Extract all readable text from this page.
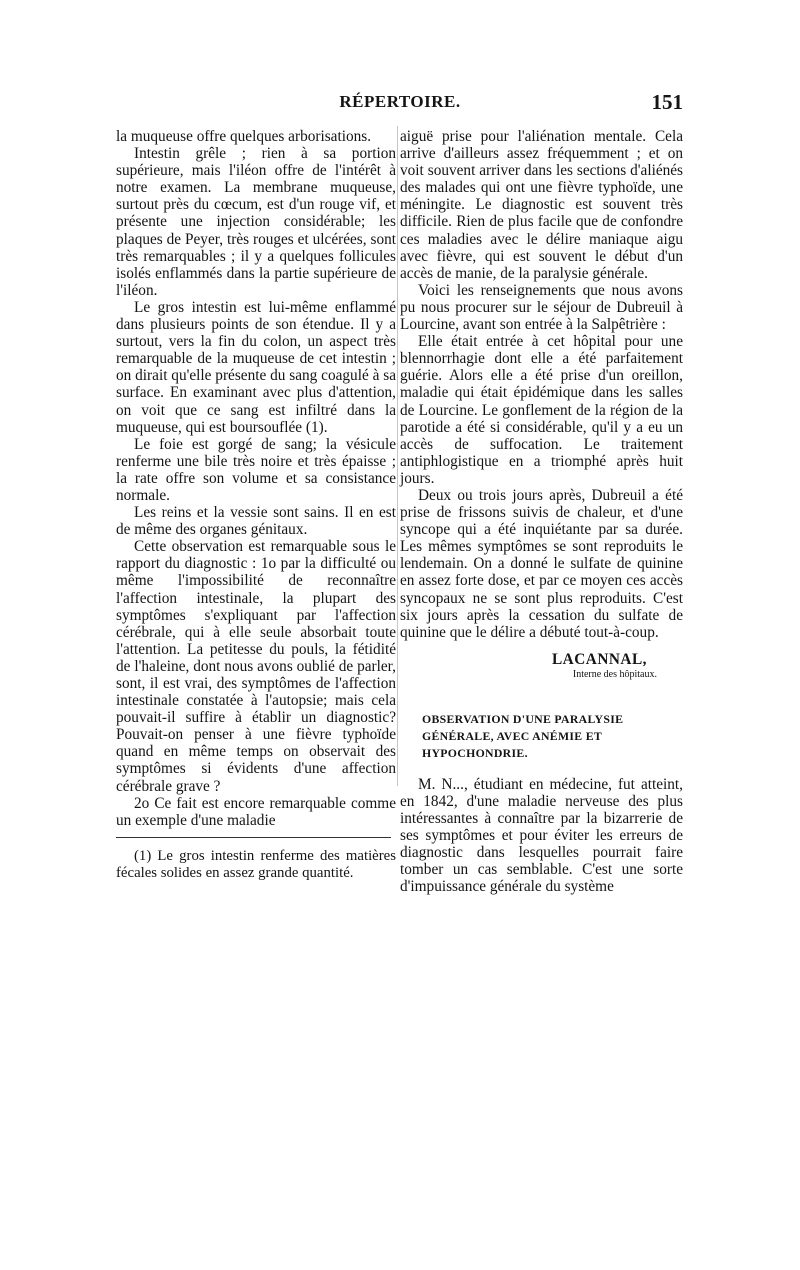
RÉPERTOIRE.	151

la muqueuse offre quelques arborisations.

Intestin grêle ; rien à sa portion supérieure, mais l'iléon offre de l'intérêt à notre examen. La membrane muqueuse, surtout près du cœcum, est d'un rouge vif, et présente une injection considérable; les plaques de Peyer, très rouges et ulcérées, sont très remarquables ; il y a quelques follicules isolés enflammés dans la partie supérieure de l'iléon.

Le gros intestin est lui-même enflammé dans plusieurs points de son étendue. Il y a surtout, vers la fin du colon, un aspect très remarquable de la muqueuse de cet intestin ; on dirait qu'elle présente du sang coagulé à sa surface. En examinant avec plus d'attention, on voit que ce sang est infiltré dans la muqueuse, qui est boursouflée (1).

Le foie est gorgé de sang; la vésicule renferme une bile très noire et très épaisse ; la rate offre son volume et sa consistance normale.

Les reins et la vessie sont sains. Il en est de même des organes génitaux.

Cette observation est remarquable sous le rapport du diagnostic : 1o par la difficulté ou même l'impossibilité de reconnaître l'affection intestinale, la plupart des symptômes s'expliquant par l'affection cérébrale, qui à elle seule absorbait toute l'attention. La petitesse du pouls, la fétidité de l'haleine, dont nous avons oublié de parler, sont, il est vrai, des symptômes de l'affection intestinale constatée à l'autopsie; mais cela pouvait-il suffire à établir un diagnostic? Pouvait-on penser à une fièvre typhoïde quand en même temps on observait des symptômes si évidents d'une affection cérébrale grave ?

2o Ce fait est encore remarquable comme un exemple d'une maladie

(1) Le gros intestin renferme des matières fécales solides en assez grande quantité.

aiguë prise pour l'aliénation mentale. Cela arrive d'ailleurs assez fréquemment ; et on voit souvent arriver dans les sections d'aliénés des malades qui ont une fièvre typhoïde, une méningite. Le diagnostic est souvent très difficile. Rien de plus facile que de confondre ces maladies avec le délire maniaque aigu avec fièvre, qui est souvent le début d'un accès de manie, de la paralysie générale.

Voici les renseignements que nous avons pu nous procurer sur le séjour de Dubreuil à Lourcine, avant son entrée à la Salpêtrière :

Elle était entrée à cet hôpital pour une blennorrhagie dont elle a été parfaitement guérie. Alors elle a été prise d'un oreillon, maladie qui était épidémique dans les salles de Lourcine. Le gonflement de la région de la parotide a été si considérable, qu'il y a eu un accès de suffocation. Le traitement antiphlogistique en a triomphé après huit jours.

Deux ou trois jours après, Dubreuil a été prise de frissons suivis de chaleur, et d'une syncope qui a été inquiétante par sa durée. Les mêmes symptômes se sont reproduits le lendemain. On a donné le sulfate de quinine en assez forte dose, et par ce moyen ces accès syncopaux ne se sont plus reproduits. C'est six jours après la cessation du sulfate de quinine que le délire a débuté tout-à-coup.

LACANNAL,
Interne des hôpitaux.

OBSERVATION D'UNE PARALYSIE GÉNÉRALE, AVEC ANÉMIE ET HYPOCHONDRIE.

M. N..., étudiant en médecine, fut atteint, en 1842, d'une maladie nerveuse des plus intéressantes à connaître par la bizarrerie de ses symptômes et pour éviter les erreurs de diagnostic dans lesquelles pourrait faire tomber un cas semblable. C'est une sorte d'impuissance générale du système
